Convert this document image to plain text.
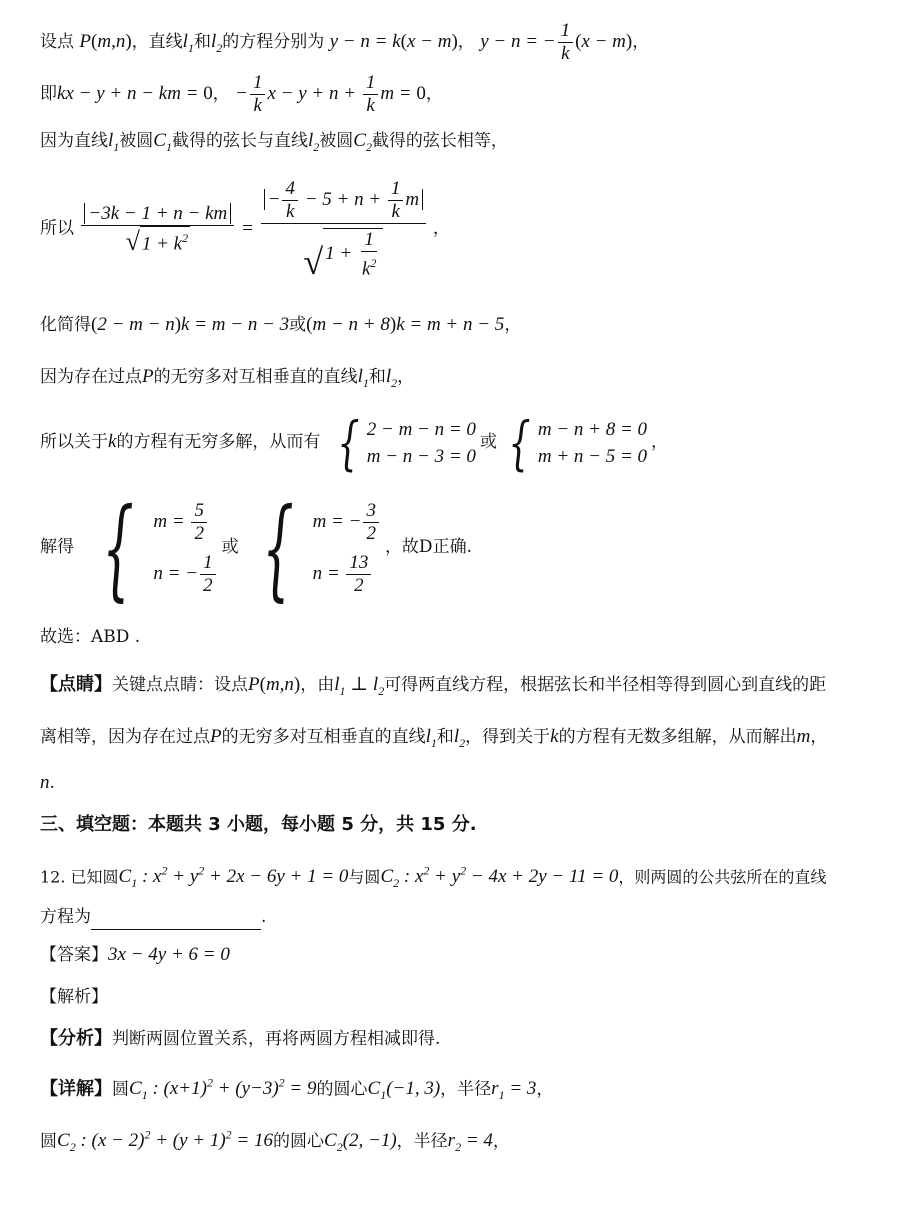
设点 P(m,n)，直线$l_1$和$l_2$的方程分别为 y − n = k(x − m)， y − n = − $\frac{1}{k} (x - m)$，
即kx − y + n − km = 0， − $\frac{1}{k}$ $x - y + n + \frac{1}{k}$ m = 0，
因为直线$l_1$被圆$C_1$截得的弦长与直线$l_2$被圆$C_2$截得的弦长相等，
所以 $\frac{-3k - 1 + n - km}{√ 1 + k^2} = \frac{- \frac{4}{k} - 5 + n + \frac{1}{k} m}{√ 1 + \frac{1}{k^2}}$ ，
化简得(2 − m − n)k = m − n − 3或(m − n + 8)k = m + n − 5，
因为存在过点P的无穷多对互相垂直的直线$l_1$和$l_2$，
所以关于k的方程有无穷多解，从而有 { 2 − m − n = 0
m − n − 3 = 0
或 { m − n + 8 = 0
m + n − 5 = 0
，
解得 { $m = \frac{5}{2}$
n = − $\frac{1}{2}$
或 { m = − $\frac{3}{2}$
$n = \frac{13}{2}$
，故D正确.
故选：ABD .
【点睛】关键点点睛：设点P(m,n)，由$l_1$ ⊥ $l_2$可得两直线方程，根据弦长和半径相等得到圆心到直线的距
离相等，因为存在过点P的无穷多对互相垂直的直线$l_1$和$l_2$，得到关于k的方程有无数多组解，从而解出m，
n.
三、填空题：本题共 3 小题，每小题 5 分，共 15 分.
12. 已知圆$C_1$ : $x^2 + y^2 + 2x - 6y + 1 = 0$与圆$C_2$ : $x^2 + y^2 - 4x + 2y - 11 = 0$，则两圆的公共弦所在的直线
方程为	.
【答案】3x − 4y + 6 = 0
【解析】
【分析】判断两圆位置关系，再将两圆方程相减即得.
【详解】圆$C_1$ : $(x+1)^2 + (y-3)^2 = 9$的圆心$C_1(-1$, 3)，半径$r_1 = 3$，
圆$C_2$ : $(x - 2)^2 + (y + 1)^2 = 16$的圆心$C_2(2$, −1)，半径$r_2 = 4$，
